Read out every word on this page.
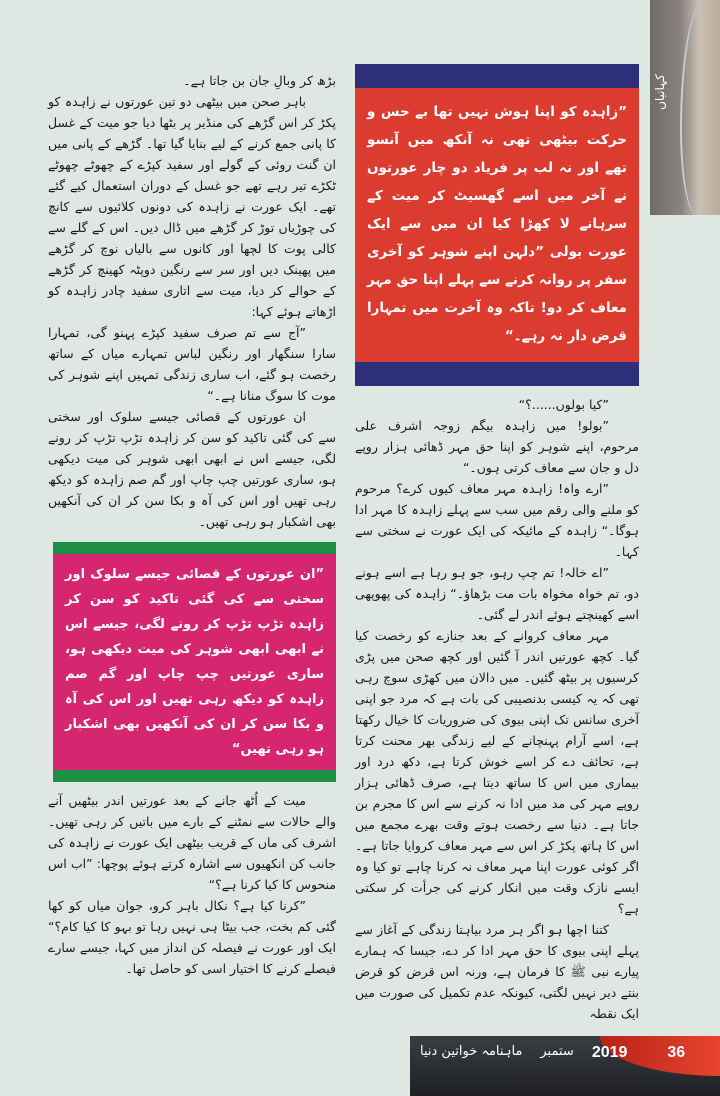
کہانیاں

بڑھ کر وبالِ جان بن جاتا ہے۔

باہر صحن میں بیٹھی دو تین عورتوں نے زاہدہ کو پکڑ کر اس گڑھے کی منڈیر پر بٹھا دیا جو میت کے غسل کا پانی جمع کرنے کے لیے بنایا گیا تھا۔ گڑھے کے پانی میں ان گنت روئی کے گولے اور سفید کپڑے کے چھوٹے چھوٹے ٹکڑے تیر رہے تھے جو غسل کے دوران استعمال کیے گئے تھے۔ ایک عورت نے زاہدہ کی دونوں کلائیوں سے کانچ کی چوڑیاں توڑ کر گڑھے میں ڈال دیں۔ اس کے گلے سے کالی پوت کا لچھا اور کانوں سے بالیاں نوچ کر گڑھے میں پھینک دیں اور سر سے رنگین دوپٹہ کھینچ کر گڑھے کے حوالے کر دیا، میت سے اتاری سفید چادر زاہدہ کو اڑھاتے ہوئے کہا:

”آج سے تم صرف سفید کپڑے پہنو گی، تمہارا سارا سنگھار اور رنگین لباس تمہارے میاں کے ساتھ رخصت ہو گئے، اب ساری زندگی تمہیں اپنے شوہر کی موت کا سوگ منانا ہے۔“

ان عورتوں کے قصائی جیسے سلوک اور سختی سے کی گئی تاکید کو سن کر زاہدہ تڑپ تڑپ کر رونے لگی، جیسے اس نے ابھی ابھی شوہر کی میت دیکھی ہو، ساری عورتیں چپ چاپ اور گم صم زاہدہ کو دیکھ رہی تھیں اور اس کی آہ و بکا سن کر ان کی آنکھیں بھی اشکبار ہو رہی تھیں۔

”ان عورتوں کے قصائی جیسے سلوک اور سختی سے کی گئی تاکید کو سن کر زاہدہ تڑپ تڑپ کر رونے لگی، جیسے اس نے ابھی ابھی شوہر کی میت دیکھی ہو، ساری عورتیں چپ چاپ اور گم صم زاہدہ کو دیکھ رہی تھیں اور اس کی آہ و بکا سن کر ان کی آنکھیں بھی اشکبار ہو رہی تھیں“

میت کے اُٹھ جانے کے بعد عورتیں اندر بیٹھیں آنے والے حالات سے نمٹنے کے بارے میں باتیں کر رہی تھیں۔ اشرف کی ماں کے قریب بیٹھی ایک عورت نے زاہدہ کی جانب کن انکھیوں سے اشارہ کرتے ہوئے پوچھا: ”اب اس منحوس کا کیا کرنا ہے؟“

”کرنا کیا ہے؟ نکال باہر کرو، جوان میاں کو کھا گئی کم بخت، جب بیٹا ہی نہیں رہا تو بہو کا کیا کام؟“ ایک اور عورت نے فیصلہ کن انداز میں کہا، جیسے سارے فیصلے کرنے کا اختیار اسی کو حاصل تھا۔

”زاہدہ کو اپنا ہوش نہیں تھا بے حس و حرکت بیٹھی تھی نہ آنکھ میں آنسو تھے اور نہ لب پر فریاد دو چار عورتوں نے آخر میں اسے گھسیٹ کر میت کے سرہانے لا کھڑا کیا ان میں سے ایک عورت بولی ”دلہن اپنے شوہر کو آخری سفر پر روانہ کرنے سے پہلے اپنا حق مہر معاف کر دو! تاکہ وہ آخرت میں تمہارا قرض دار نہ رہے۔“

”کیا بولوں......؟“

”بولو! میں زاہدہ بیگم زوجہ اشرف علی مرحوم، اپنے شوہر کو اپنا حق مہر ڈھائی ہزار روپے دل و جان سے معاف کرتی ہوں۔“

”ارے واہ! زاہدہ مہر معاف کیوں کرے؟ مرحوم کو ملنے والی رقم میں سب سے پہلے زاہدہ کا مہر ادا ہوگا۔“ زاہدہ کے مائیکہ کی ایک عورت نے سختی سے کہا۔

”اے خالہ! تم چپ رہو، جو ہو رہا ہے اسے ہونے دو، تم خواہ مخواہ بات مت بڑھاؤ۔“ زاہدہ کی پھوپھی اسے کھینچتے ہوئے اندر لے گئی۔

مہر معاف کروانے کے بعد جنازے کو رخصت کیا گیا۔ کچھ عورتیں اندر آ گئیں اور کچھ صحن میں پڑی کرسیوں پر بیٹھ گئیں۔ میں دالان میں کھڑی سوچ رہی تھی کہ یہ کیسی بدنصیبی کی بات ہے کہ مرد جو اپنی آخری سانس تک اپنی بیوی کی ضروریات کا خیال رکھتا ہے، اسے آرام پہنچانے کے لیے زندگی بھر محنت کرتا ہے، تحائف دے کر اسے خوش کرتا ہے، دکھ درد اور بیماری میں اس کا ساتھ دیتا ہے، صرف ڈھائی ہزار روپے مہر کی مد میں ادا نہ کرنے سے اس کا مجرم بن جاتا ہے۔ دنیا سے رخصت ہوتے وقت بھرے مجمع میں اس کا ہاتھ پکڑ کر اس سے مہر معاف کروایا جاتا ہے۔ اگر کوئی عورت اپنا مہر معاف نہ کرنا چاہے تو کیا وہ ایسے نازک وقت میں انکار کرنے کی جرأت کر سکتی ہے؟

کتنا اچھا ہو اگر ہر مرد بیاہتا زندگی کے آغاز سے پہلے اپنی بیوی کا حق مہر ادا کر دے، جیسا کہ ہمارے پیارے نبی ﷺ کا فرمان ہے، ورنہ اس قرض کو قرض بنتے دیر نہیں لگتی، کیونکہ عدم تکمیل کی صورت میں ایک نقطہ

ماہنامہ خواتین دنیا ستمبر 2019	36
